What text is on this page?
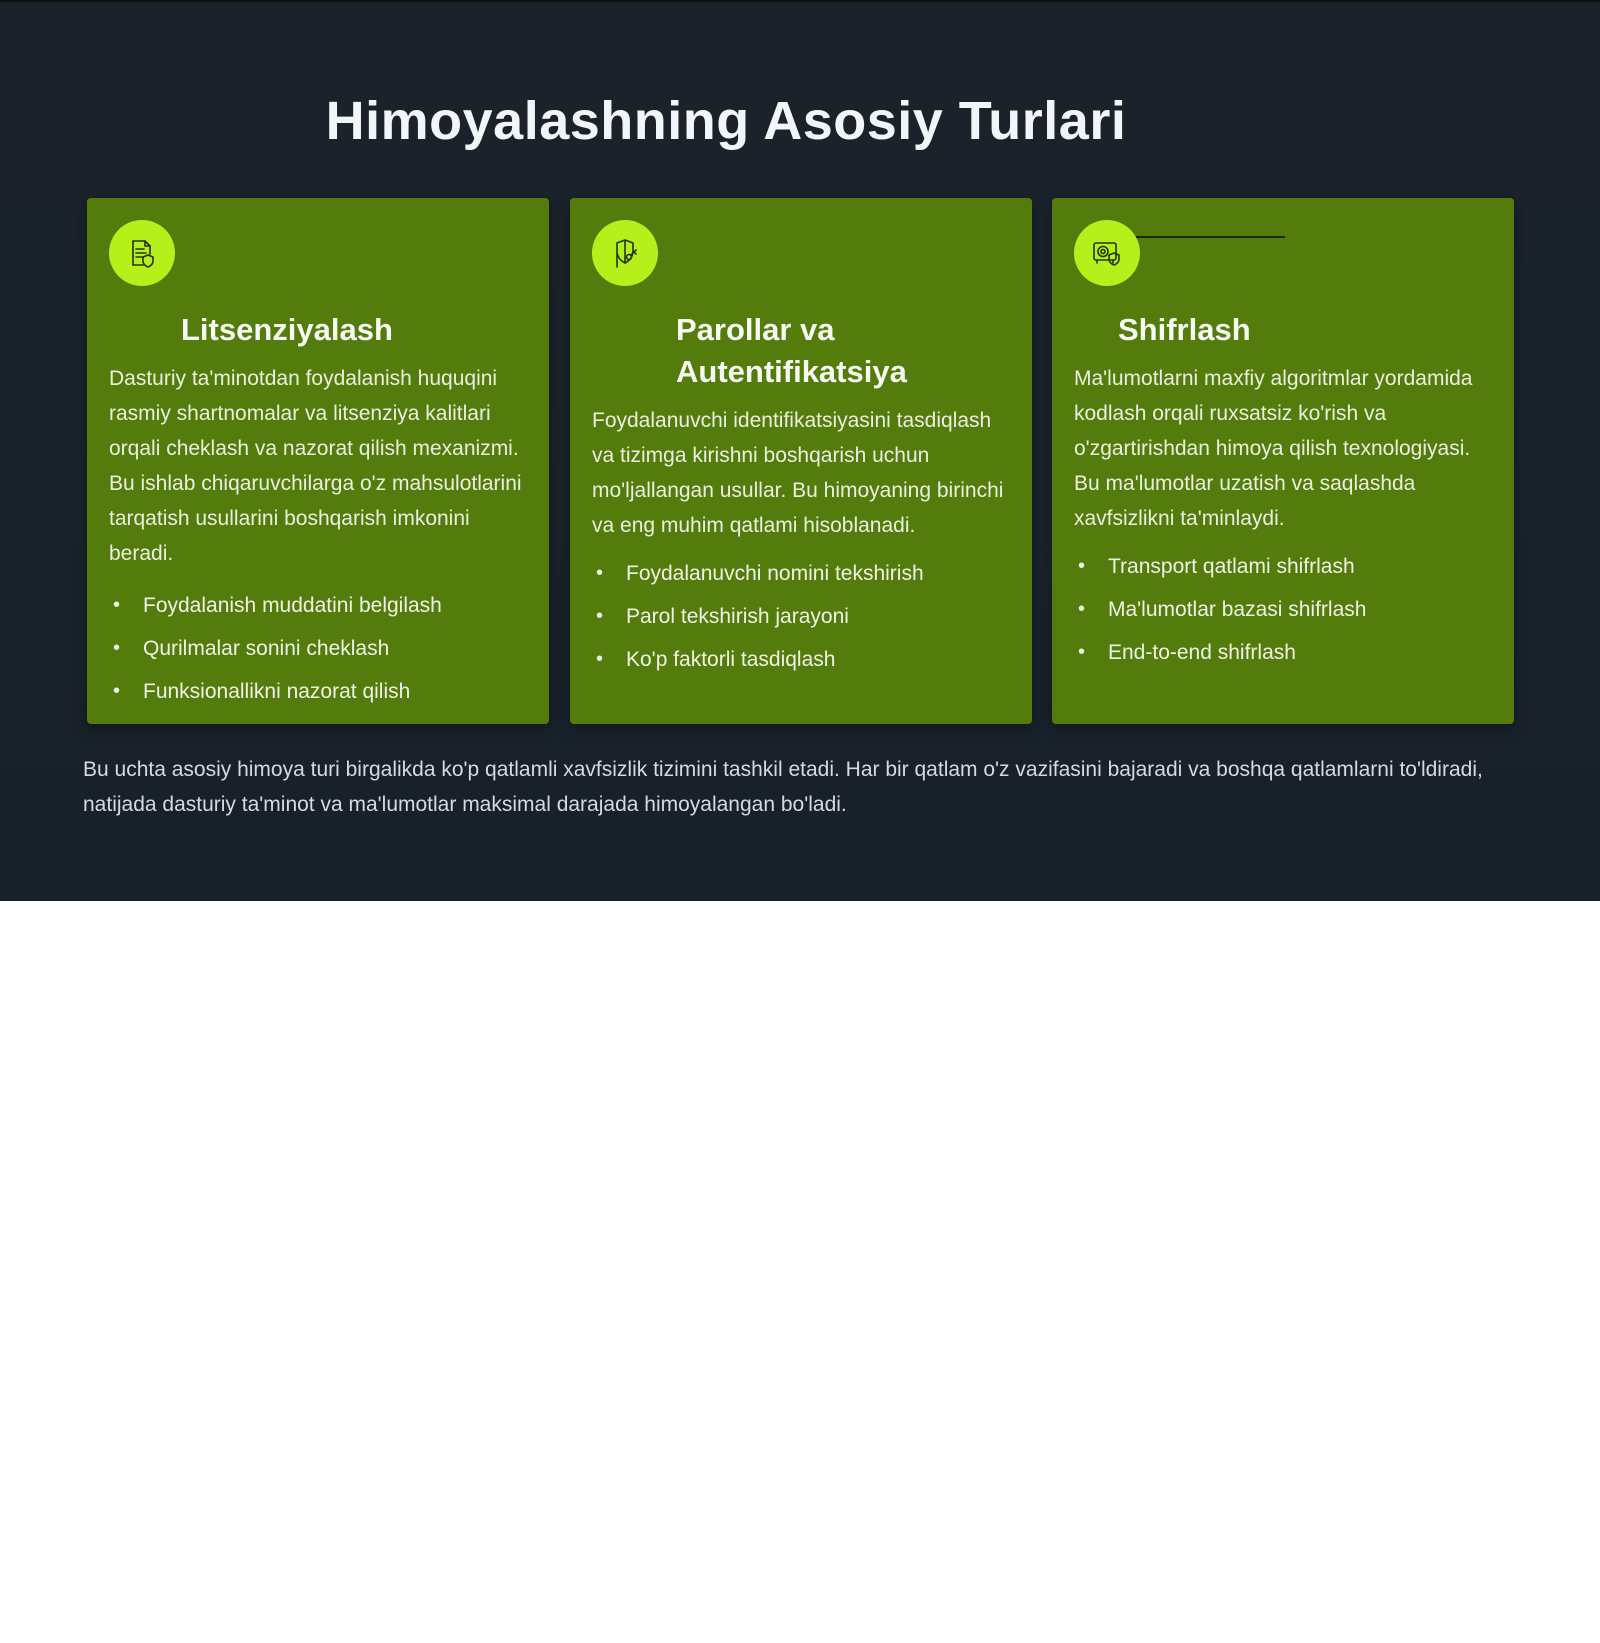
Himoyalashning Asosiy Turlari
Litsenziyalash

Dasturiy ta'minotdan foydalanish huquqini rasmiy shartnomalar va litsenziya kalitlari orqali cheklash va nazorat qilish mexanizmi. Bu ishlab chiqaruvchilarga o'z mahsulotlarini tarqatish usullarini boshqarish imkonini beradi.

• Foydalanish muddatini belgilash
• Qurilmalar sonini cheklash
• Funksionallikni nazorat qilish
Parollar va Autentifikatsiya

Foydalanuvchi identifikatsiyasini tasdiqlash va tizimga kirishni boshqarish uchun mo'ljallangan usullar. Bu himoyaning birinchi va eng muhim qatlami hisoblanadi.

• Foydalanuvchi nomini tekshirish
• Parol tekshirish jarayoni
• Ko'p faktorli tasdiqlash
Shifrlash

Ma'lumotlarni maxfiy algoritmlar yordamida kodlash orqali ruxsatsiz ko'rish va o'zgartirishdan himoya qilish texnologiyasi. Bu ma'lumotlar uzatish va saqlashda xavfsizlikni ta'minlaydi.

• Transport qatlami shifrlash
• Ma'lumotlar bazasi shifrlash
• End-to-end shifrlash

Bu uchta asosiy himoya turi birgalikda ko'p qatlamli xavfsizlik tizimini tashkil etadi. Har bir qatlam o'z vazifasini bajaradi va boshqa qatlamlarni to'ldiradi, natijada dasturiy ta'minot va ma'lumotlar maksimal darajada himoyalangan bo'ladi.
